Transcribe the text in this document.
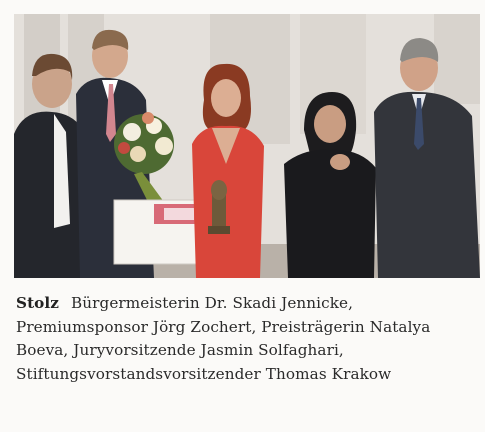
Stolz Bürgermeisterin Dr. Skadi Jennicke, Premiumsponsor Jörg Zochert, Preisträgerin Natalya Boeva, Juryvorsitzende Jasmin Solfaghari, Stiftungsvorstandsvorsitzender Thomas Krakow
